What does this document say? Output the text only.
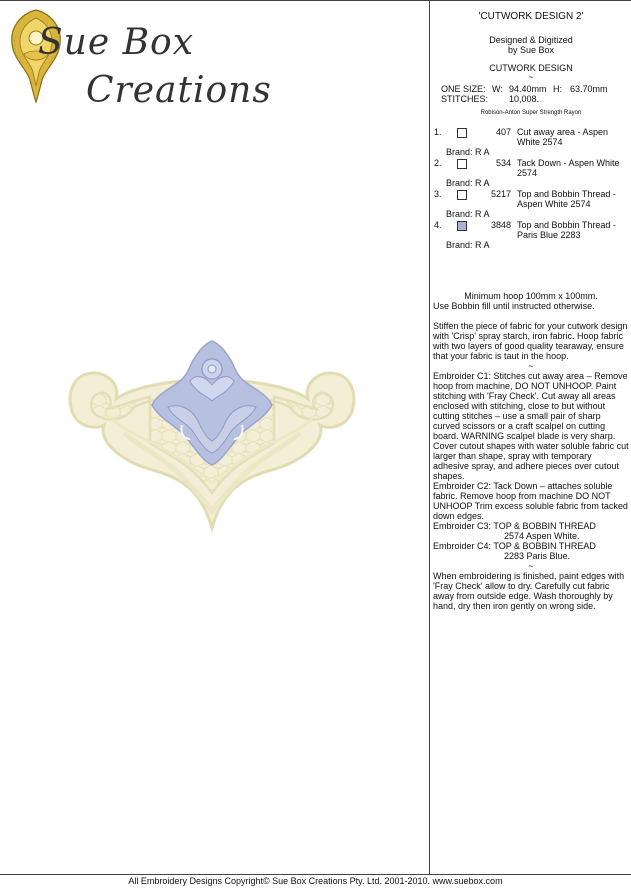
Sue Box
Creations
'CUTWORK DESIGN 2'
Designed & Digitized
by Sue Box
CUTWORK DESIGN
~
ONE SIZE: W: 94.40mm H: 63.70mm
STITCHES: 10,008.
Robison-Anton Super Strength Rayon
1.	407 Cut away area - Aspen White 2574
Brand: R A
2.	534 Tack Down - Aspen White 2574
Brand: R A
3.	5217 Top and Bobbin Thread - Aspen White 2574
Brand: R A
4.	3848 Top and Bobbin Thread - Paris Blue 2283
Brand: R A

Minimum hoop 100mm x 100mm.

Use Bobbin fill until instructed otherwise.

Stiffen the piece of fabric for your cutwork design with 'Crisp' spray starch, iron fabric. Hoop fabric with two layers of good quality tearaway, ensure that your fabric is taut in the hoop.

~

Embroider C1: Stitches cut away area – Remove hoop from machine, DO NOT UNHOOP. Paint stitching with 'Fray Check'. Cut away all areas enclosed with stitching, close to but without cutting stitches – use a small pair of sharp curved scissors or a craft scalpel on cutting board. WARNING scalpel blade is very sharp. Cover cutout shapes with water soluble fabric cut larger than shape, spray with temporary adhesive spray, and adhere pieces over cutout shapes.

Embroider C2: Tack Down – attaches soluble fabric. Remove hoop from machine DO NOT UNHOOP Trim excess soluble fabric from tacked down edges.

Embroider C3: TOP & BOBBIN THREAD

2574 Aspen White.

Embroider C4: TOP & BOBBIN THREAD

2283 Paris Blue.

~

When embroidering is finished, paint edges with 'Fray Check' allow to dry. Carefully cut fabric away from outside edge. Wash thoroughly by hand, dry then iron gently on wrong side.

All Embroidery Designs Copyright© Sue Box Creations Pty. Ltd. 2001-2010. www.suebox.com
